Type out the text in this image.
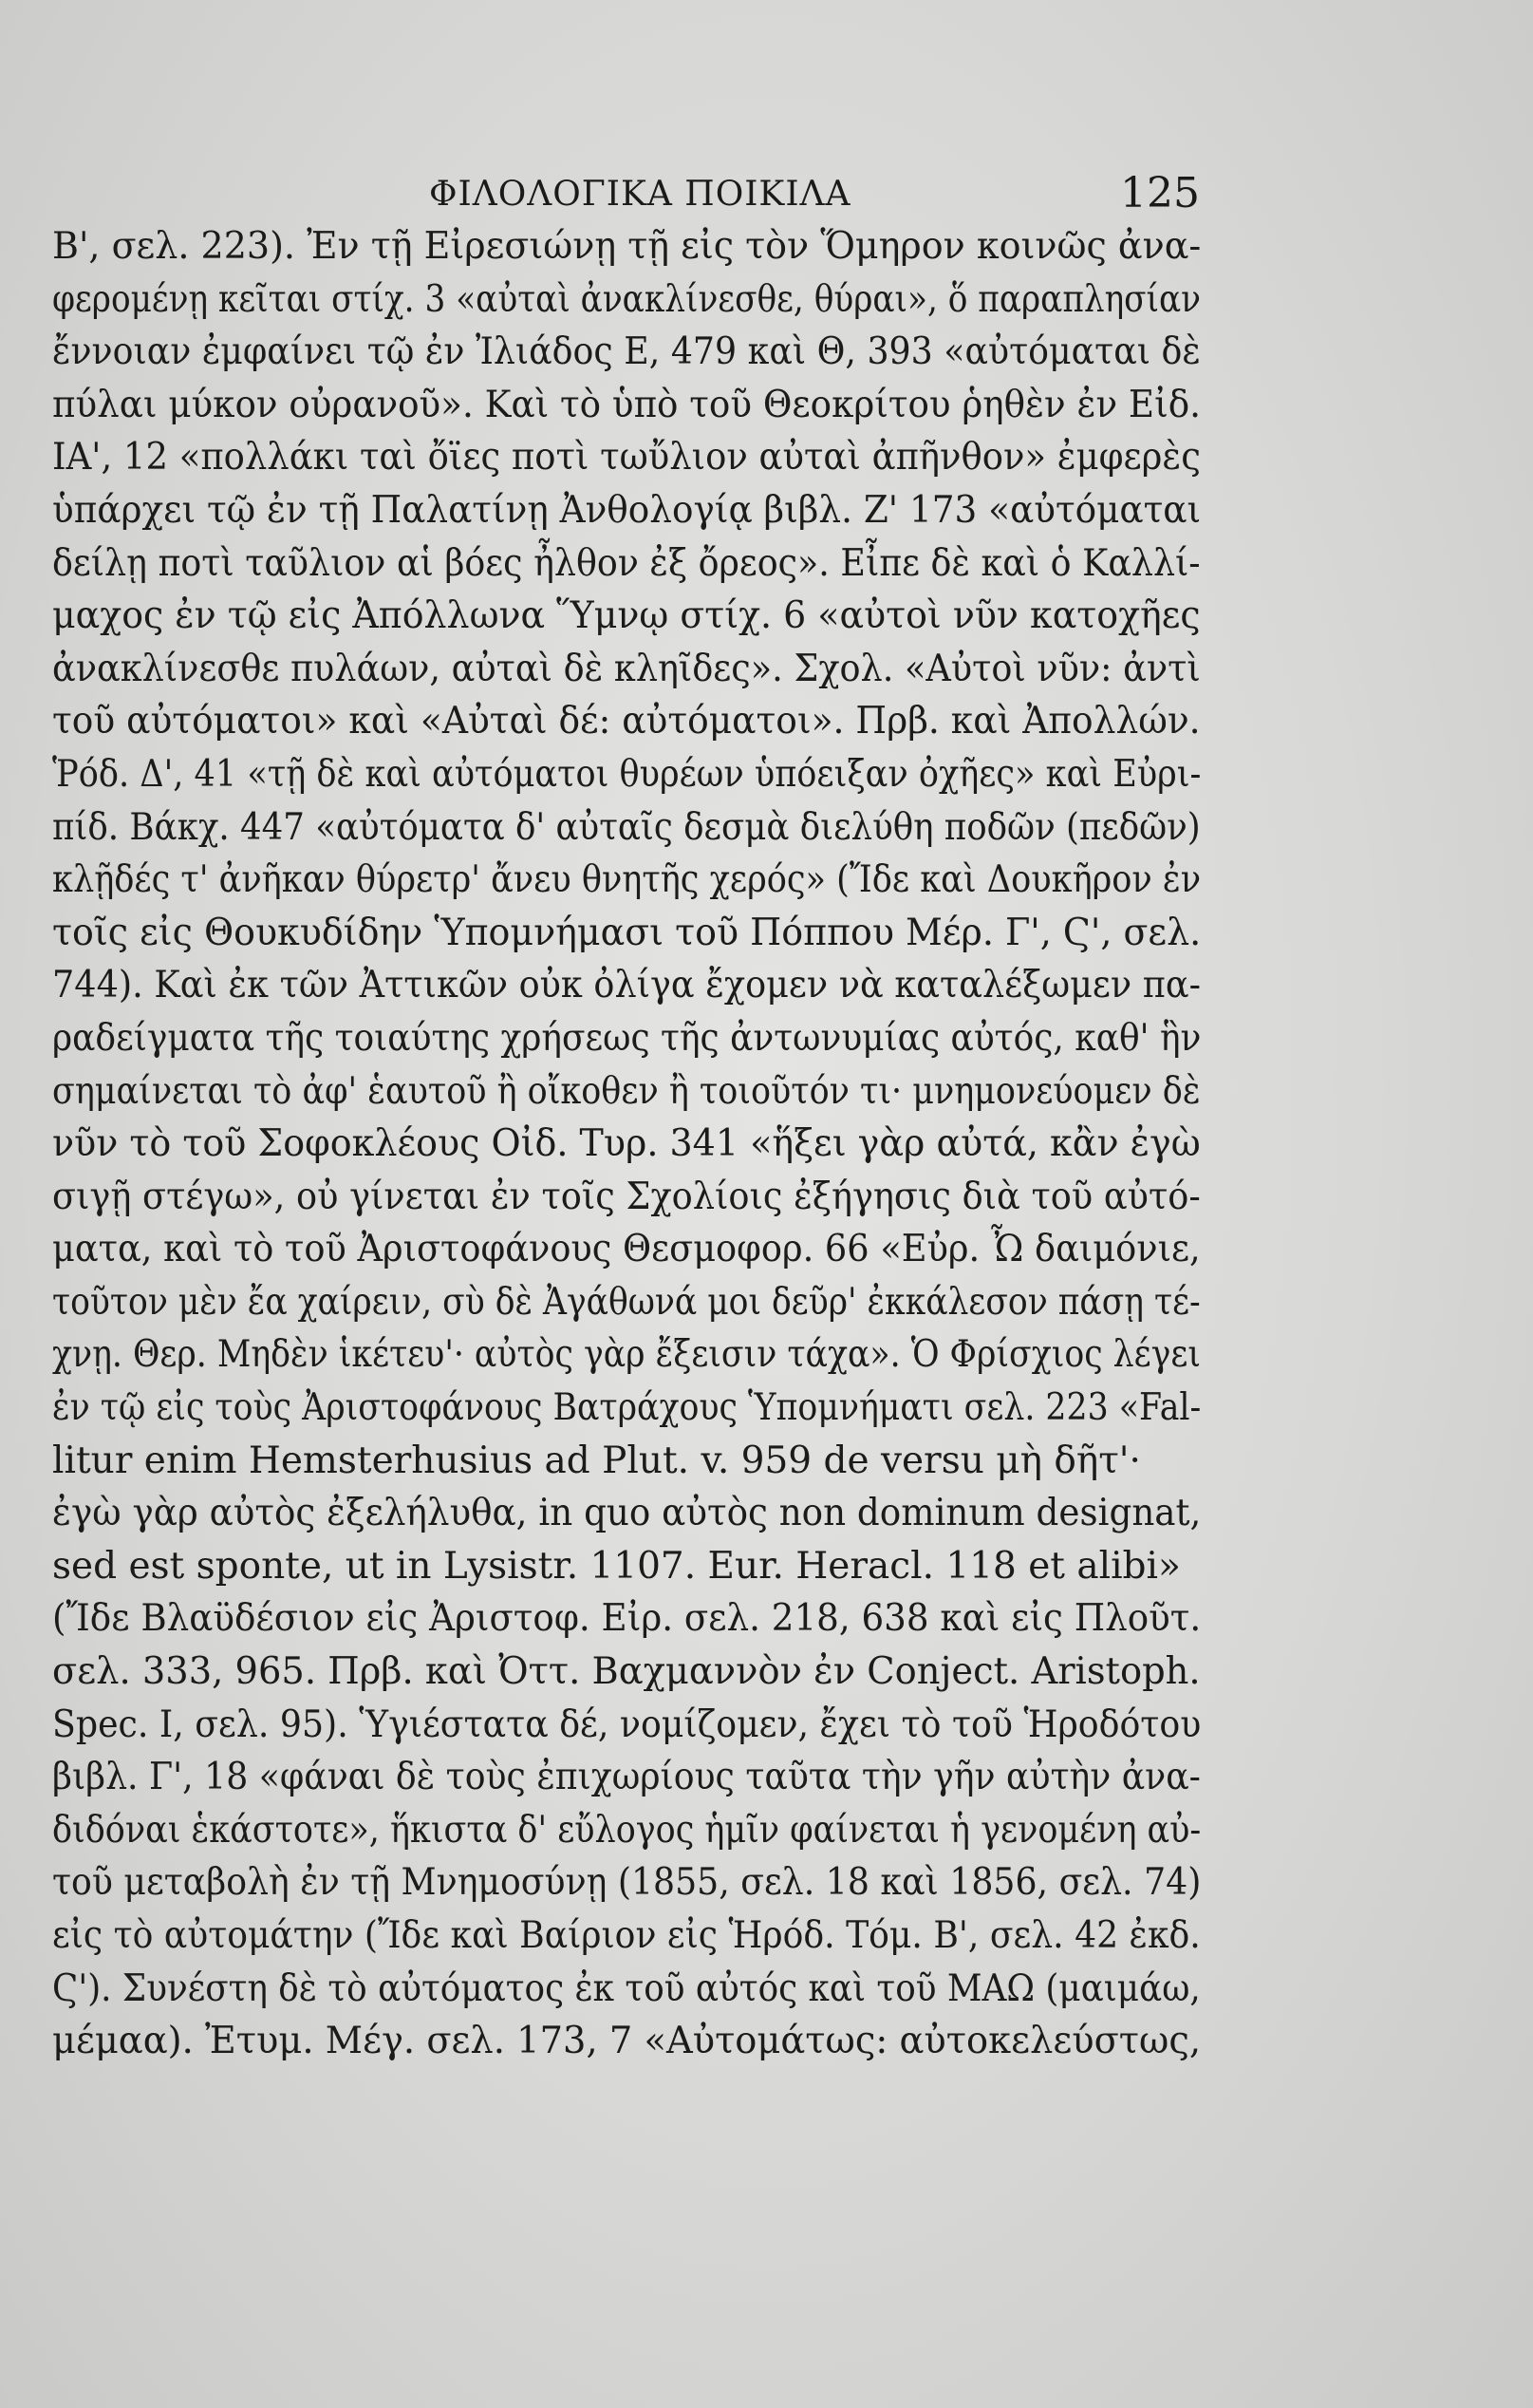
ΦΙΛΟΛΟΓΙΚΑ ΠΟΙΚΙΛΑ	125
Β', σελ. 223). Ἐν τῇ Εἰρεσιώνῃ τῇ εἰς τὸν Ὅμηρον κοινῶς ἀνα-
φερομένῃ κεῖται στίχ. 3 «αὐταὶ ἀνακλίνεσθε, θύραι», ὅ παραπλησίαν
ἔννοιαν ἐμφαίνει τῷ ἐν Ἰλιάδος Ε, 479 καὶ Θ, 393 «αὐτόμαται δὲ
πύλαι μύκον οὐρανοῦ». Καὶ τὸ ὑπὸ τοῦ Θεοκρίτου ῥηθὲν ἐν Εἰδ.
ΙΑ', 12 «πολλάκι ταὶ ὄϊες ποτὶ τωὔλιον αὐταὶ ἀπῆνθον» ἐμφερὲς
ὑπάρχει τῷ ἐν τῇ Παλατίνῃ Ἀνθολογίᾳ βιβλ. Ζ' 173 «αὐτόμαται
δείλῃ ποτὶ ταῦλιον αἱ βόες ἦλθον ἐξ ὄρεος». Εἶπε δὲ καὶ ὁ Καλλί-
μαχος ἐν τῷ εἰς Ἀπόλλωνα Ὕμνῳ στίχ. 6 «αὐτοὶ νῦν κατοχῆες
ἀνακλίνεσθε πυλάων, αὐταὶ δὲ κληῖδες». Σχολ. «Αὐτοὶ νῦν: ἀντὶ
τοῦ αὐτόματοι» καὶ «Αὐταὶ δέ: αὐτόματοι». Πρβ. καὶ Ἀπολλών.
Ῥόδ. Δ', 41 «τῇ δὲ καὶ αὐτόματοι θυρέων ὑπόειξαν ὀχῆες» καὶ Εὐρι-
πίδ. Βάκχ. 447 «αὐτόματα δ' αὐταῖς δεσμὰ διελύθη ποδῶν (πεδῶν)
κλῇδές τ' ἀνῆκαν θύρετρ' ἄνευ θνητῆς χερός» (Ἴδε καὶ Δουκῆρον ἐν
τοῖς εἰς Θουκυδίδην Ὑπομνήμασι τοῦ Πόππου Μέρ. Γ', Ϛ', σελ.
744). Καὶ ἐκ τῶν Ἀττικῶν οὐκ ὀλίγα ἔχομεν νὰ καταλέξωμεν πα-
ραδείγματα τῆς τοιαύτης χρήσεως τῆς ἀντωνυμίας αὐτός, καθ' ἣν
σημαίνεται τὸ ἀφ' ἑαυτοῦ ἢ οἴκοθεν ἢ τοιοῦτόν τι· μνημονεύομεν δὲ
νῦν τὸ τοῦ Σοφοκλέους Οἰδ. Τυρ. 341 «ἥξει γὰρ αὐτά, κἂν ἐγὼ
σιγῇ στέγω», οὐ γίνεται ἐν τοῖς Σχολίοις ἐξήγησις διὰ τοῦ αὐτό-
ματα, καὶ τὸ τοῦ Ἀριστοφάνους Θεσμοφορ. 66 «Εὐρ. Ὦ δαιμόνιε,
τοῦτον μὲν ἔα χαίρειν, σὺ δὲ Ἀγάθωνά μοι δεῦρ' ἐκκάλεσον πάσῃ τέ-
χνῃ. Θερ. Μηδὲν ἱκέτευ'· αὐτὸς γὰρ ἔξεισιν τάχα». Ὁ Φρίσχιος λέγει
ἐν τῷ εἰς τοὺς Ἀριστοφάνους Βατράχους Ὑπομνήματι σελ. 223 «Fal-
litur enim Hemsterhusius ad Plut. v. 959 de versu μὴ δῆτ'·
ἐγὼ γὰρ αὐτὸς ἐξελήλυθα, in quo αὐτὸς non dominum designat,
sed est sponte, ut in Lysistr. 1107. Eur. Heracl. 118 et alibi»
(Ἴδε Βλαϋδέσιον εἰς Ἀριστοφ. Εἰρ. σελ. 218, 638 καὶ εἰς Πλοῦτ.
σελ. 333, 965. Πρβ. καὶ Ὀττ. Βαχμαννὸν ἐν Conject. Aristoph.
Spec. I, σελ. 95). Ὑγιέστατα δέ, νομίζομεν, ἔχει τὸ τοῦ Ἡροδότου
βιβλ. Γ', 18 «φάναι δὲ τοὺς ἐπιχωρίους ταῦτα τὴν γῆν αὐτὴν ἀνα-
διδόναι ἑκάστοτε», ἥκιστα δ' εὔλογος ἡμῖν φαίνεται ἡ γενομένη αὐ-
τοῦ μεταβολὴ ἐν τῇ Μνημοσύνῃ (1855, σελ. 18 καὶ 1856, σελ. 74)
εἰς τὸ αὐτομάτην (Ἴδε καὶ Βαίριον εἰς Ἡρόδ. Τόμ. Β', σελ. 42 ἐκδ.
Ϛ'). Συνέστη δὲ τὸ αὐτόματος ἐκ τοῦ αὐτός καὶ τοῦ ΜΑΩ (μαιμάω,
μέμαα). Ἐτυμ. Μέγ. σελ. 173, 7 «Αὐτομάτως: αὐτοκελεύστως,
